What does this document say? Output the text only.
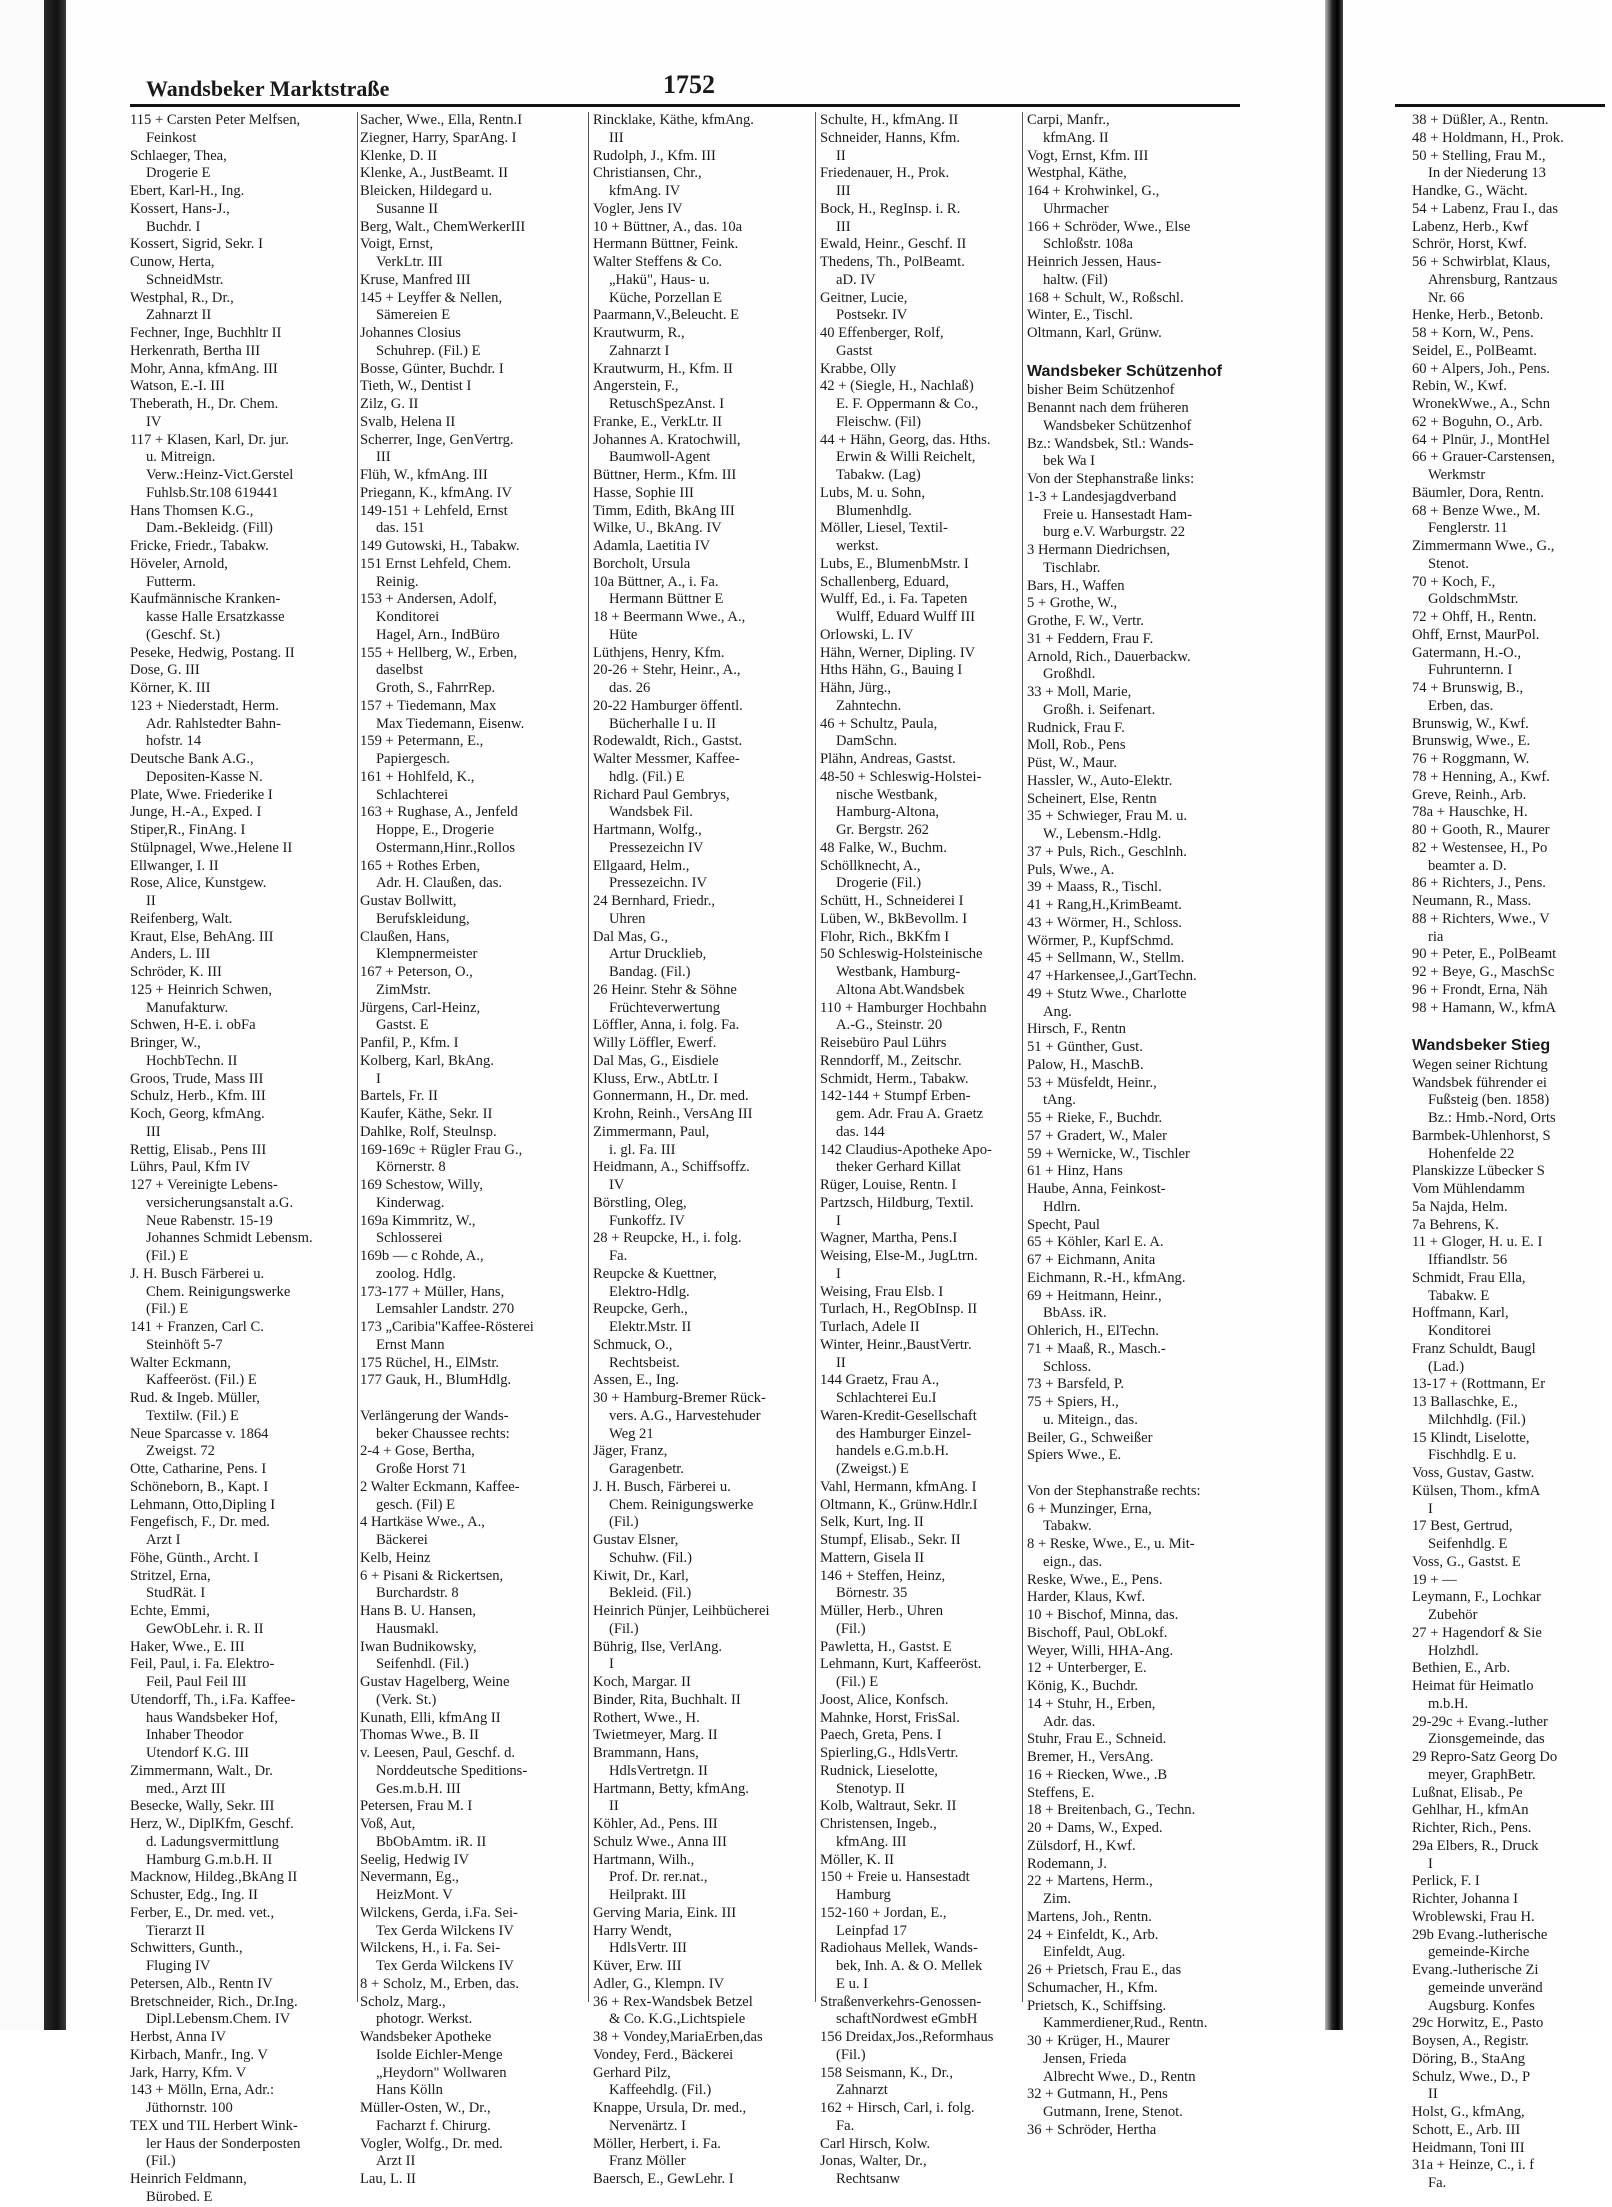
Wandsbeker Marktstraße	1752
115 + Carsten Peter Melfsen,
Feinkost
Schlaeger, Thea,
Drogerie E
Ebert, Karl-H., Ing.
Kossert, Hans-J.,
Buchdr. I
Kossert, Sigrid, Sekr. I
Cunow, Herta,
SchneidMstr.
Westphal, R., Dr.,
Zahnarzt II
Fechner, Inge, Buchhltr II
Herkenrath, Bertha III
Mohr, Anna, kfmAng. III
Watson, E.-I. III
Theberath, H., Dr. Chem.
IV
117 + Klasen, Karl, Dr. jur.
u. Mitreign.
Verw.:Heinz-Vict.Gerstel
Fuhlsb.Str.108 619441
Hans Thomsen K.G.,
Dam.-Bekleidg. (Fill)
Fricke, Friedr., Tabakw.
Höveler, Arnold,
Futterm.
Kaufmännische Kranken-
kasse Halle Ersatzkasse
(Geschf. St.)
Peseke, Hedwig, Postang. II
Dose, G. III
Körner, K. III
123 + Niederstadt, Herm.
Adr. Rahlstedter Bahn-
hofstr. 14
Deutsche Bank A.G.,
Depositen-Kasse N.
Plate, Wwe. Friederike I
Junge, H.-A., Exped. I
Stiper,R., FinAng. I
Stülpnagel, Wwe.,Helene II
Ellwanger, I. II
Rose, Alice, Kunstgew.
II
Reifenberg, Walt.
Kraut, Else, BehAng. III
Anders, L. III
Schröder, K. III
125 + Heinrich Schwen,
Manufakturw.
Schwen, H-E. i. obFa
Bringer, W.,
HochbTechn. II
Groos, Trude, Mass III
Schulz, Herb., Kfm. III
Koch, Georg, kfmAng.
III
Rettig, Elisab., Pens III
Lührs, Paul, Kfm IV
127 + Vereinigte Lebens-
versicherungsanstalt a.G.
Neue Rabenstr. 15-19
Johannes Schmidt Lebensm.
(Fil.) E
J. H. Busch Färberei u.
Chem. Reinigungswerke
(Fil.) E
141 + Franzen, Carl C.
Steinhöft 5-7
Walter Eckmann,
Kaffeeröst. (Fil.) E
Rud. & Ingeb. Müller,
Textilw. (Fil.) E
Neue Sparcasse v. 1864
Zweigst. 72
Otte, Catharine, Pens. I
Schöneborn, B., Kapt. I
Lehmann, Otto,Dipling I
Fengefisch, F., Dr. med.
Arzt I
Föhe, Günth., Archt. I
Stritzel, Erna,
StudRät. I
Echte, Emmi,
GewObLehr. i. R. II
Haker, Wwe., E. III
Feil, Paul, i. Fa. Elektro-
Feil, Paul Feil III
Utendorff, Th., i.Fa. Kaffee-
haus Wandsbeker Hof,
Inhaber Theodor
Utendorf K.G. III
Zimmermann, Walt., Dr.
med., Arzt III
Besecke, Wally, Sekr. III
Herz, W., DiplKfm, Geschf.
d. Ladungsvermittlung
Hamburg G.m.b.H. II
Macknow, Hildeg.,BkAng II
Schuster, Edg., Ing. II
Ferber, E., Dr. med. vet.,
Tierarzt II
Schwitters, Gunth.,
Fluging IV
Petersen, Alb., Rentn IV
Bretschneider, Rich., Dr.Ing.
Dipl.Lebensm.Chem. IV
Herbst, Anna IV
Kirbach, Manfr., Ing. V
Jark, Harry, Kfm. V
143 + Mölln, Erna, Adr.:
Jüthornstr. 100
TEX und TIL Herbert Wink-
ler Haus der Sonderposten
(Fil.)
Heinrich Feldmann,
Bürobed. E
Sacher, Wwe., Ella, Rentn.I
Ziegner, Harry, SparAng. I
Klenke, D. II
Klenke, A., JustBeamt. II
Bleicken, Hildegard u.
Susanne II
Berg, Walt., ChemWerkerIII
Voigt, Ernst,
VerkLtr. III
Kruse, Manfred III
145 + Leyffer & Nellen,
Sämereien E
Johannes Closius
Schuhrep. (Fil.) E
Bosse, Günter, Buchdr. I
Tieth, W., Dentist I
Zilz, G. II
Svalb, Helena II
Scherrer, Inge, GenVertrg.
III
Flüh, W., kfmAng. III
Priegann, K., kfmAng. IV
149-151 + Lehfeld, Ernst
das. 151
149 Gutowski, H., Tabakw.
151 Ernst Lehfeld, Chem.
Reinig.
153 + Andersen, Adolf,
Konditorei
Hagel, Arn., IndBüro
155 + Hellberg, W., Erben,
daselbst
Groth, S., FahrrRep.
157 + Tiedemann, Max
Max Tiedemann, Eisenw.
159 + Petermann, E.,
Papiergesch.
161 + Hohlfeld, K.,
Schlachterei
163 + Rughase, A., Jenfeld
Hoppe, E., Drogerie
Ostermann,Hinr.,Rollos
165 + Rothes Erben,
Adr. H. Claußen, das.
Gustav Bollwitt,
Berufskleidung,
Claußen, Hans,
Klempnermeister
167 + Peterson, O.,
ZimMstr.
Jürgens, Carl-Heinz,
Gastst. E
Panfil, P., Kfm. I
Kolberg, Karl, BkAng.
I
Bartels, Fr. II
Kaufer, Käthe, Sekr. II
Dahlke, Rolf, Steulnsp.
169-169c + Rügler Frau G.,
Körnerstr. 8
169 Schestow, Willy,
Kinderwag.
169a Kimmritz, W.,
Schlosserei
169b — c Rohde, A.,
zoolog. Hdlg.
173-177 + Müller, Hans,
Lemsahler Landstr. 270
173 „Caribia"Kaffee-Rösterei
Ernst Mann
175 Rüchel, H., ElMstr.
177 Gauk, H., BlumHdlg.

Verlängerung der Wands-
beker Chaussee rechts:
2-4 + Gose, Bertha,
Große Horst 71
2 Walter Eckmann, Kaffee-
gesch. (Fil) E
4 Hartkäse Wwe., A.,
Bäckerei
Kelb, Heinz
6 + Pisani & Rickertsen,
Burchardstr. 8
Hans B. U. Hansen,
Hausmakl.
Iwan Budnikowsky,
Seifenhdl. (Fil.)
Gustav Hagelberg, Weine
(Verk. St.)
Kunath, Elli, kfmAng II
Thomas Wwe., B. II
v. Leesen, Paul, Geschf. d.
Norddeutsche Speditions-
Ges.m.b.H. III
Petersen, Frau M. I
Voß, Aut,
BbObAmtm. iR. II
Seelig, Hedwig IV
Nevermann, Eg.,
HeizMont. V
Wilckens, Gerda, i.Fa. Sei-
Tex Gerda Wilckens IV
Wilckens, H., i. Fa. Sei-
Tex Gerda Wilckens IV
8 + Scholz, M., Erben, das.
Scholz, Marg.,
photogr. Werkst.
Wandsbeker Apotheke
Isolde Eichler-Menge
„Heydorn" Wollwaren
Hans Kölln
Müller-Osten, W., Dr.,
Facharzt f. Chirurg.
Vogler, Wolfg., Dr. med.
Arzt II
Lau, L. II
Rincklake, Käthe, kfmAng.
III
Rudolph, J., Kfm. III
Christiansen, Chr.,
kfmAng. IV
Vogler, Jens IV
10 + Büttner, A., das. 10a
Hermann Büttner, Feink.
Walter Steffens & Co.
„Hakü", Haus- u.
Küche, Porzellan E
Paarmann,V.,Beleucht. E
Krautwurm, R.,
Zahnarzt I
Krautwurm, H., Kfm. II
Angerstein, F.,
RetuschSpezAnst. I
Franke, E., VerkLtr. II
Johannes A. Kratochwill,
Baumwoll-Agent
Büttner, Herm., Kfm. III
Hasse, Sophie III
Timm, Edith, BkAng III
Wilke, U., BkAng. IV
Adamla, Laetitia IV
Borcholt, Ursula
10a Büttner, A., i. Fa.
Hermann Büttner E
18 + Beermann Wwe., A.,
Hüte
Lüthjens, Henry, Kfm.
20-26 + Stehr, Heinr., A.,
das. 26
20-22 Hamburger öffentl.
Bücherhalle I u. II
Rodewaldt, Rich., Gastst.
Walter Messmer, Kaffee-
hdlg. (Fil.) E
Richard Paul Gembrys,
Wandsbek Fil.
Hartmann, Wolfg.,
Pressezeichn IV
Ellgaard, Helm.,
Pressezeichn. IV
24 Bernhard, Friedr.,
Uhren
Dal Mas, G.,
Artur Drucklieb,
Bandag. (Fil.)
26 Heinr. Stehr & Söhne
Früchteverwertung
Löffler, Anna, i. folg. Fa.
Willy Löffler, Ewerf.
Dal Mas, G., Eisdiele
Kluss, Erw., AbtLtr. I
Gonnermann, H., Dr. med.
Krohn, Reinh., VersAng III
Zimmermann, Paul,
i. gl. Fa. III
Heidmann, A., Schiffsoffz.
IV
Börstling, Oleg,
Funkoffz. IV
28 + Reupcke, H., i. folg.
Fa.
Reupcke & Kuettner,
Elektro-Hdlg.
Reupcke, Gerh.,
Elektr.Mstr. II
Schmuck, O.,
Rechtsbeist.
Assen, E., Ing.
30 + Hamburg-Bremer Rück-
vers. A.G., Harvestehuder
Weg 21
Jäger, Franz,
Garagenbetr.
J. H. Busch, Färberei u.
Chem. Reinigungswerke
(Fil.)
Gustav Elsner,
Schuhw. (Fil.)
Kiwit, Dr., Karl,
Bekleid. (Fil.)
Heinrich Pünjer, Leihbücherei
(Fil.)
Bührig, Ilse, VerlAng.
I
Koch, Margar. II
Binder, Rita, Buchhalt. II
Rothert, Wwe., H.
Twietmeyer, Marg. II
Brammann, Hans,
HdlsVertretgn. II
Hartmann, Betty, kfmAng.
II
Köhler, Ad., Pens. III
Schulz Wwe., Anna III
Hartmann, Wilh.,
Prof. Dr. rer.nat.,
Heilprakt. III
Gerving Maria, Eink. III
Harry Wendt,
HdlsVertr. III
Küver, Erw. III
Adler, G., Klempn. IV
36 + Rex-Wandsbek Betzel
& Co. K.G.,Lichtspiele
38 + Vondey,MariaErben,das
Vondey, Ferd., Bäckerei
Gerhard Pilz,
Kaffeehdlg. (Fil.)
Knappe, Ursula, Dr. med.,
Nervenärtz. I
Möller, Herbert, i. Fa.
Franz Möller
Baersch, E., GewLehr. I
Schulte, H., kfmAng. II
Schneider, Hanns, Kfm.
II
Friedenauer, H., Prok.
III
Bock, H., RegInsp. i. R.
III
Ewald, Heinr., Geschf. II
Thedens, Th., PolBeamt.
aD. IV
Geitner, Lucie,
Postsekr. IV
40 Effenberger, Rolf,
Gastst
Krabbe, Olly
42 + (Siegle, H., Nachlaß)
E. F. Oppermann & Co.,
Fleischw. (Fil)
44 + Hähn, Georg, das. Hths.
Erwin & Willi Reichelt,
Tabakw. (Lag)
Lubs, M. u. Sohn,
Blumenhdlg.
Möller, Liesel, Textil-
werkst.
Lubs, E., BlumenbMstr. I
Schallenberg, Eduard,
Wulff, Ed., i. Fa. Tapeten
Wulff, Eduard Wulff III
Orlowski, L. IV
Hähn, Werner, Dipling. IV
Hths Hähn, G., Bauing I
Hähn, Jürg.,
Zahntechn.
46 + Schultz, Paula,
DamSchn.
Plähn, Andreas, Gastst.
48-50 + Schleswig-Holstei-
nische Westbank,
Hamburg-Altona,
Gr. Bergstr. 262
48 Falke, W., Buchm.
Schöllknecht, A.,
Drogerie (Fil.)
Schütt, H., Schneiderei I
Lüben, W., BkBevollm. I
Flohr, Rich., BkKfm I
50 Schleswig-Holsteinische
Westbank, Hamburg-
Altona Abt.Wandsbek
110 + Hamburger Hochbahn
A.-G., Steinstr. 20
Reisebüro Paul Lührs
Renndorff, M., Zeitschr.
Schmidt, Herm., Tabakw.
142-144 + Stumpf Erben-
gem. Adr. Frau A. Graetz
das. 144
142 Claudius-Apotheke Apo-
theker Gerhard Killat
Rüger, Louise, Rentn. I
Partzsch, Hildburg, Textil.
I
Wagner, Martha, Pens.I
Weising, Else-M., JugLtrn.
I
Weising, Frau Elsb. I
Turlach, H., RegObInsp. II
Turlach, Adele II
Winter, Heinr.,BaustVertr.
II
144 Graetz, Frau A.,
Schlachterei Eu.I
Waren-Kredit-Gesellschaft
des Hamburger Einzel-
handels e.G.m.b.H.
(Zweigst.) E
Vahl, Hermann, kfmAng. I
Oltmann, K., Grünw.Hdlr.I
Selk, Kurt, Ing. II
Stumpf, Elisab., Sekr. II
Mattern, Gisela II
146 + Steffen, Heinz,
Börnestr. 35
Müller, Herb., Uhren
(Fil.)
Pawletta, H., Gastst. E
Lehmann, Kurt, Kaffeeröst.
(Fil.) E
Joost, Alice, Konfsch.
Mahnke, Horst, FrisSal.
Paech, Greta, Pens. I
Spierling,G., HdlsVertr.
Rudnick, Lieselotte,
Stenotyp. II
Kolb, Waltraut, Sekr. II
Christensen, Ingeb.,
kfmAng. III
Möller, K. II
150 + Freie u. Hansestadt
Hamburg
152-160 + Jordan, E.,
Leinpfad 17
Radiohaus Mellek, Wands-
bek, Inh. A. & O. Mellek
E u. I
Straßenverkehrs-Genossen-
schaftNordwest eGmbH
156 Dreidax,Jos.,Reformhaus
(Fil.)
158 Seismann, K., Dr.,
Zahnarzt
162 + Hirsch, Carl, i. folg.
Fa.
Carl Hirsch, Kolw.
Jonas, Walter, Dr.,
Rechtsanw
Carpi, Manfr.,
kfmAng. II
Vogt, Ernst, Kfm. III
Westphal, Käthe,
164 + Krohwinkel, G.,
Uhrmacher
166 + Schröder, Wwe., Else
Schloßstr. 108a
Heinrich Jessen, Haus-
haltw. (Fil)
168 + Schult, W., Roßschl.
Winter, E., Tischl.
Oltmann, Karl, Grünw.

Wandsbeker Schützenhof
bisher Beim Schützenhof
Benannt nach dem früheren
Wandsbeker Schützenhof
Bz.: Wandsbek, Stl.: Wands-
bek Wa I
Von der Stephanstraße links:
1-3 + Landesjagdverband
Freie u. Hansestadt Ham-
burg e.V. Warburgstr. 22
3 Hermann Diedrichsen,
Tischlabr.
Bars, H., Waffen
5 + Grothe, W.,
Grothe, F. W., Vertr.
31 + Feddern, Frau F.
Arnold, Rich., Dauerbackw.
Großhdl.
33 + Moll, Marie,
Großh. i. Seifenart.
Rudnick, Frau F.
Moll, Rob., Pens
Püst, W., Maur.
Hassler, W., Auto-Elektr.
Scheinert, Else, Rentn
35 + Schwieger, Frau M. u.
W., Lebensm.-Hdlg.
37 + Puls, Rich., Geschlnh.
Puls, Wwe., A.
39 + Maass, R., Tischl.
41 + Rang,H.,KrimBeamt.
43 + Wörmer, H., Schloss.
Wörmer, P., KupfSchmd.
45 + Sellmann, W., Stellm.
47 +Harkensee,J.,GartTechn.
49 + Stutz Wwe., Charlotte
Ang.
Hirsch, F., Rentn
51 + Günther, Gust.
Palow, H., MaschB.
53 + Müsfeldt, Heinr.,
tAng.
55 + Rieke, F., Buchdr.
57 + Gradert, W., Maler
59 + Wernicke, W., Tischler
61 + Hinz, Hans
Haube, Anna, Feinkost-
Hdlrn.
Specht, Paul
65 + Köhler, Karl E. A.
67 + Eichmann, Anita
Eichmann, R.-H., kfmAng.
69 + Heitmann, Heinr.,
BbAss. iR.
Ohlerich, H., ElTechn.
71 + Maaß, R., Masch.-
Schloss.
73 + Barsfeld, P.
75 + Spiers, H.,
u. Miteign., das.
Beiler, G., Schweißer
Spiers Wwe., E.

Von der Stephanstraße rechts:
6 + Munzinger, Erna,
Tabakw.
8 + Reske, Wwe., E., u. Mit-
eign., das.
Reske, Wwe., E., Pens.
Harder, Klaus, Kwf.
10 + Bischof, Minna, das.
Bischoff, Paul, ObLokf.
Weyer, Willi, HHA-Ang.
12 + Unterberger, E.
König, K., Buchdr.
14 + Stuhr, H., Erben,
Adr. das.
Stuhr, Frau E., Schneid.
Bremer, H., VersAng.
16 + Riecken, Wwe., .B
Steffens, E.
18 + Breitenbach, G., Techn.
20 + Dams, W., Exped.
Zülsdorf, H., Kwf.
Rodemann, J.
22 + Martens, Herm.,
Zim.
Martens, Joh., Rentn.
24 + Einfeldt, K., Arb.
Einfeldt, Aug.
26 + Prietsch, Frau E., das
Schumacher, H., Kfm.
Prietsch, K., Schiffsing.
Kammerdiener,Rud., Rentn.
30 + Krüger, H., Maurer
Jensen, Frieda
Albrecht Wwe., D., Rentn
32 + Gutmann, H., Pens
Gutmann, Irene, Stenot.
36 + Schröder, Hertha
38 + Düßler, A., Rentn.
48 + Holdmann, H., Prok.
50 + Stelling, Frau M.,
In der Niederung 13
Handke, G., Wächt.
54 + Labenz, Frau I., das
Labenz, Herb., Kwf
Schrör, Horst, Kwf.
56 + Schwirblat, Klaus,
Ahrensburg, Rantzaus
Nr. 66
Henke, Herb., Betonb.
58 + Korn, W., Pens.
Seidel, E., PolBeamt.
60 + Alpers, Joh., Pens.
Rebin, W., Kwf.
WronekWwe., A., Schn
62 + Boguhn, O., Arb.
64 + Plnür, J., MontHel
66 + Grauer-Carstensen,
Werkmstr
Bäumler, Dora, Rentn.
68 + Benze Wwe., M.
Fenglerstr. 11
Zimmermann Wwe., G.,
Stenot.
70 + Koch, F.,
GoldschmMstr.
72 + Ohff, H., Rentn.
Ohff, Ernst, MaurPol.
Gatermann, H.-O.,
Fuhrunternn. I
74 + Brunswig, B.,
Erben, das.
Brunswig, W., Kwf.
Brunswig, Wwe., E.
76 + Roggmann, W.
78 + Henning, A., Kwf.
Greve, Reinh., Arb.
78a + Hauschke, H.
80 + Gooth, R., Maurer
82 + Westensee, H., Po
beamter a. D.
86 + Richters, J., Pens.
Neumann, R., Mass.
88 + Richters, Wwe., V
ria
90 + Peter, E., PolBeamt
92 + Beye, G., MaschSc
96 + Frondt, Erna, Näh
98 + Hamann, W., kfmA

Wandsbeker Stieg
Wegen seiner Richtung
Wandsbek führender ei
Fußsteig (ben. 1858)
Bz.: Hmb.-Nord, Orts
Barmbek-Uhlenhorst, S
Hohenfelde 22
Planskizze Lübecker S
Vom Mühlendamm
5a Najda, Helm.
7a Behrens, K.
11 + Gloger, H. u. E. I
Iffiandlstr. 56
Schmidt, Frau Ella,
Tabakw. E
Hoffmann, Karl,
Konditorei
Franz Schuldt, Baugl
(Lad.)
13-17 + (Rottmann, Er
13 Ballaschke, E.,
Milchhdlg. (Fil.)
15 Klindt, Liselotte,
Fischhdlg. E u.
Voss, Gustav, Gastw.
Külsen, Thom., kfmA
I
17 Best, Gertrud,
Seifenhdlg. E
Voss, G., Gastst. E
19 + —
Leymann, F., Lochkar
Zubehör
27 + Hagendorf & Sie
Holzhdl.
Bethien, E., Arb.
Heimat für Heimatlo
m.b.H.
29-29c + Evang.-luther
Zionsgemeinde, das
29 Repro-Satz Georg Do
meyer, GraphBetr.
Lußnat, Elisab., Pe
Gehlhar, H., kfmAn
Richter, Rich., Pens.
29a Elbers, R., Druck
I
Perlick, F. I
Richter, Johanna I
Wroblewski, Frau H.
29b Evang.-lutherische
gemeinde-Kirche
Evang.-lutherische Zi
gemeinde unveränd
Augsburg. Konfes
29c Horwitz, E., Pasto
Boysen, A., Registr.
Döring, B., StaAng
Schulz, Wwe., D., P
II
Holst, G., kfmAng,
Schott, E., Arb. III
Heidmann, Toni III
31a + Heinze, C., i. f
Fa.
